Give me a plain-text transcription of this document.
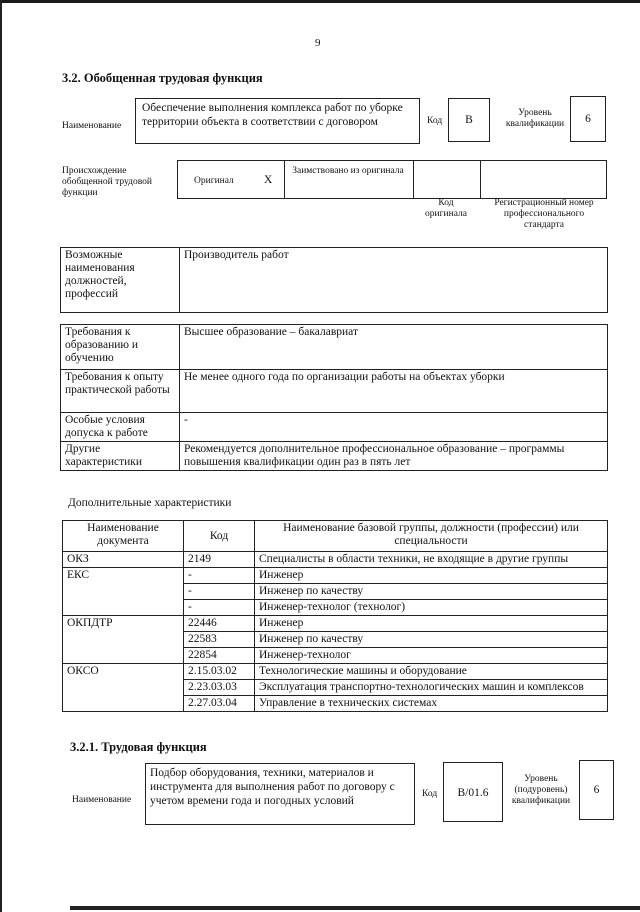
9
3.2. Обобщенная трудовая функция
Наименование
Обеспечение выполнения комплекса работ по уборке территории объекта в соответствии с договором	Код	B
Уровень квалификации	6
Происхождение обобщенной трудовой функции
Оригинал	X
Заимствовано из оригинала
Код оригинала
Регистрационный номер профессионального стандарта
Возможные наименования должностей, профессий	Производитель работ
Требования к образованию и обучению	Высшее образование – бакалавриат
Требования к опыту практической работы	Не менее одного года по организации работы на объектах уборки
Особые условия допуска к работе	-
Другие характеристики	Рекомендуется дополнительное профессиональное образование – программы повышения квалификации один раз в пять лет
Дополнительные характеристики
Наименование документа	Код	Наименование базовой группы, должности (профессии) или специальности
ОКЗ	2149	Специалисты в области техники, не входящие в другие группы
ЕКС	-	Инженер
	-	Инженер по качеству
	-	Инженер-технолог (технолог)
ОКПДТР	22446	Инженер
	22583	Инженер по качеству
	22854	Инженер-технолог
ОКСО	2.15.03.02	Технологические машины и оборудование
	2.23.03.03	Эксплуатация транспортно-технологических машин и комплексов
	2.27.03.04	Управление в технических системах
3.2.1. Трудовая функция
Наименование
Подбор оборудования, техники, материалов и инструмента для выполнения работ по договору с учетом времени года и погодных условий
Код	B/01.6
Уровень (подуровень) квалификации
6
